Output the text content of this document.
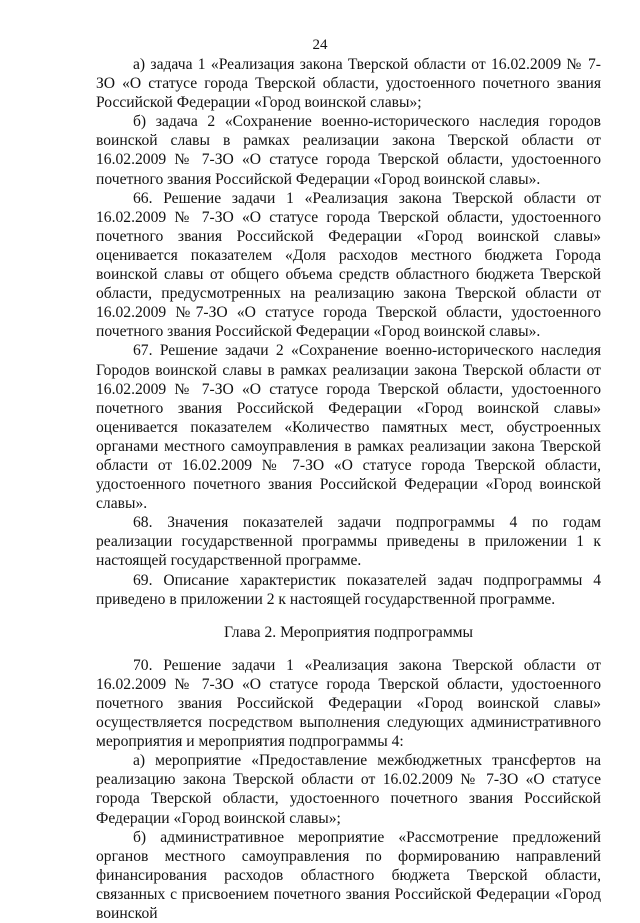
24

а) задача 1 «Реализация закона Тверской области от 16.02.2009 № 7-ЗО «О статусе города Тверской области, удостоенного почетного звания Российской Федерации «Город воинской славы»;

б) задача 2 «Сохранение военно-исторического наследия городов воинской славы в рамках реализации закона Тверской области от 16.02.2009 № 7-ЗО «О статусе города Тверской области, удостоенного почетного звания Российской Федерации «Город воинской славы».

66. Решение задачи 1 «Реализация закона Тверской области от 16.02.2009 № 7-ЗО «О статусе города Тверской области, удостоенного почетного звания Российской Федерации «Город воинской славы» оценивается показателем «Доля расходов местного бюджета Города воинской славы от общего объема средств областного бюджета Тверской области, предусмотренных на реализацию закона Тверской области от 16.02.2009 №7-ЗО «О статусе города Тверской области, удостоенного почетного звания Российской Федерации «Город воинской славы».

67. Решение задачи 2 «Сохранение военно-исторического наследия Городов воинской славы в рамках реализации закона Тверской области от 16.02.2009 № 7-ЗО «О статусе города Тверской области, удостоенного почетного звания Российской Федерации «Город воинской славы» оценивается показателем «Количество памятных мест, обустроенных органами местного самоуправления в рамках реализации закона Тверской области от 16.02.2009 № 7-ЗО «О статусе города Тверской области, удостоенного почетного звания Российской Федерации «Город воинской славы».

68. Значения показателей задачи подпрограммы 4 по годам реализации государственной программы приведены в приложении 1 к настоящей государственной программе.

69. Описание характеристик показателей задач подпрограммы 4 приведено в приложении 2 к настоящей государственной программе.

Глава 2. Мероприятия подпрограммы

70. Решение задачи 1 «Реализация закона Тверской области от 16.02.2009 № 7-ЗО «О статусе города Тверской области, удостоенного почетного звания Российской Федерации «Город воинской славы» осуществляется посредством выполнения следующих административного мероприятия и мероприятия подпрограммы 4:

а) мероприятие «Предоставление межбюджетных трансфертов на реализацию закона Тверской области от 16.02.2009 № 7-ЗО «О статусе города Тверской области, удостоенного почетного звания Российской Федерации «Город воинской славы»;

б) административное мероприятие «Рассмотрение предложений органов местного самоуправления по формированию направлений финансирования расходов областного бюджета Тверской области, связанных с присвоением почетного звания Российской Федерации «Город воинской
